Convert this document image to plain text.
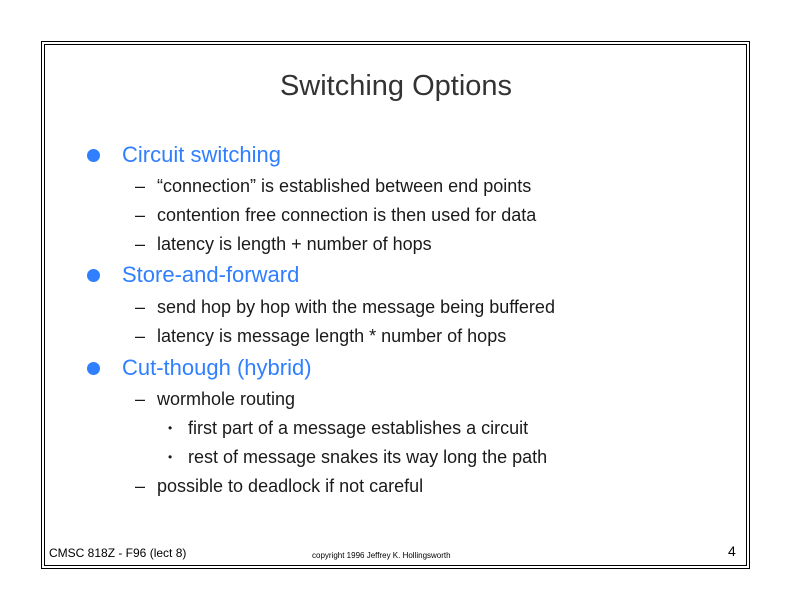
Switching Options
Circuit switching
– “connection” is established between end points
– contention free connection is then used for data
– latency is length + number of hops
Store-and-forward
– send hop by hop with the message being buffered
– latency is message length * number of hops
Cut-though (hybrid)
– wormhole routing
• first part of a message establishes a circuit
• rest of message snakes its way long the path
– possible to deadlock if not careful
CMSC 818Z - F96 (lect 8)	copyright 1996 Jeffrey K. Hollingsworth	4
